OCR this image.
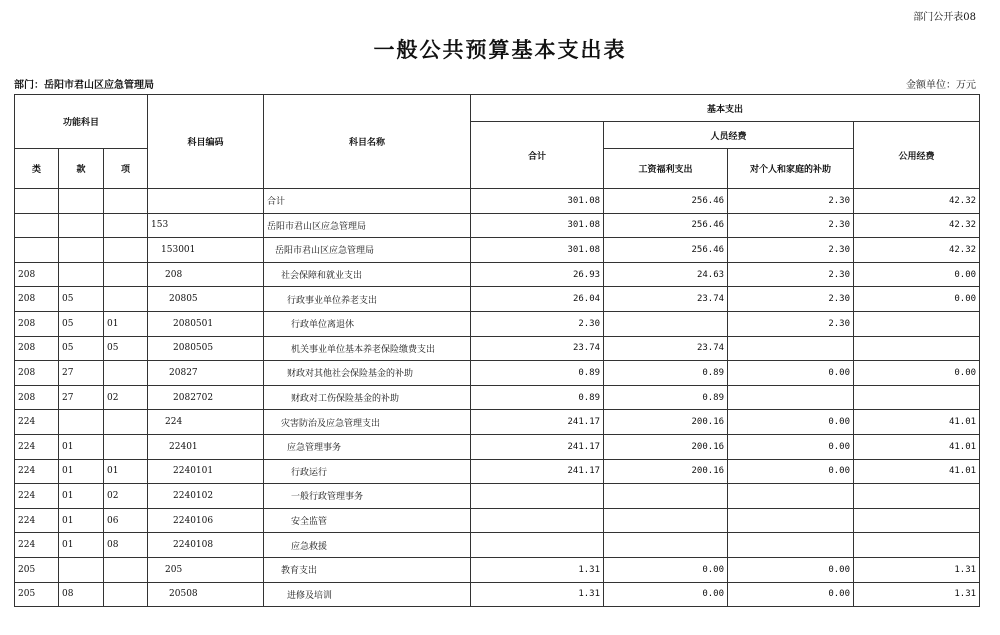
部门公开表08
一般公共预算基本支出表
部门：岳阳市君山区应急管理局	金额单位：万元
功能科目			科目编码	科目名称	基本支出			
					合计	人员经费		公用经费
类	款	项				工资福利支出	对个人和家庭的补助	
				合计	301.08	256.46	2.30	42.32
			153	岳阳市君山区应急管理局	301.08	256.46	2.30	42.32
			153001	岳阳市君山区应急管理局	301.08	256.46	2.30	42.32
208			208	社会保障和就业支出	26.93	24.63	2.30	0.00
208	05		20805	行政事业单位养老支出	26.04	23.74	2.30	0.00
208	05	01	2080501	行政单位离退休	2.30		2.30	
208	05	05	2080505	机关事业单位基本养老保险缴费支出	23.74	23.74		
208	27		20827	财政对其他社会保险基金的补助	0.89	0.89	0.00	0.00
208	27	02	2082702	财政对工伤保险基金的补助	0.89	0.89		
224			224	灾害防治及应急管理支出	241.17	200.16	0.00	41.01
224	01		22401	应急管理事务	241.17	200.16	0.00	41.01
224	01	01	2240101	行政运行	241.17	200.16	0.00	41.01
224	01	02	2240102	一般行政管理事务				
224	01	06	2240106	安全监管				
224	01	08	2240108	应急救援				
205			205	教育支出	1.31	0.00	0.00	1.31
205	08		20508	进修及培训	1.31	0.00	0.00	1.31
